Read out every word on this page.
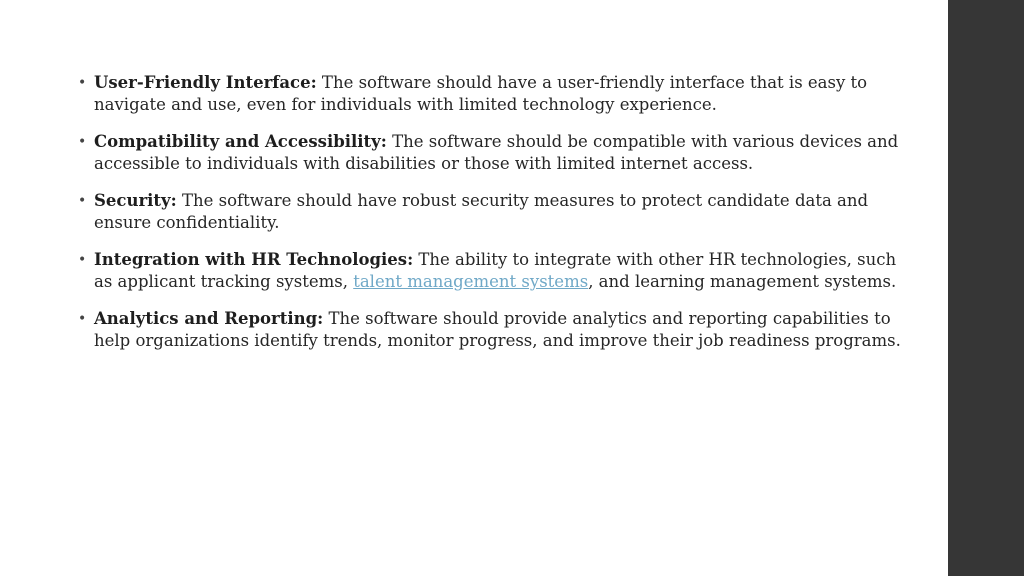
• User-Friendly Interface: The software should have a user-friendly interface that is easy to navigate and use, even for individuals with limited technology experience.
• Compatibility and Accessibility: The software should be compatible with various devices and accessible to individuals with disabilities or those with limited internet access.
• Security: The software should have robust security measures to protect candidate data and ensure confidentiality.
• Integration with HR Technologies: The ability to integrate with other HR technologies, such as applicant tracking systems, talent management systems, and learning management systems.
• Analytics and Reporting: The software should provide analytics and reporting capabilities to help organizations identify trends, monitor progress, and improve their job readiness programs.
